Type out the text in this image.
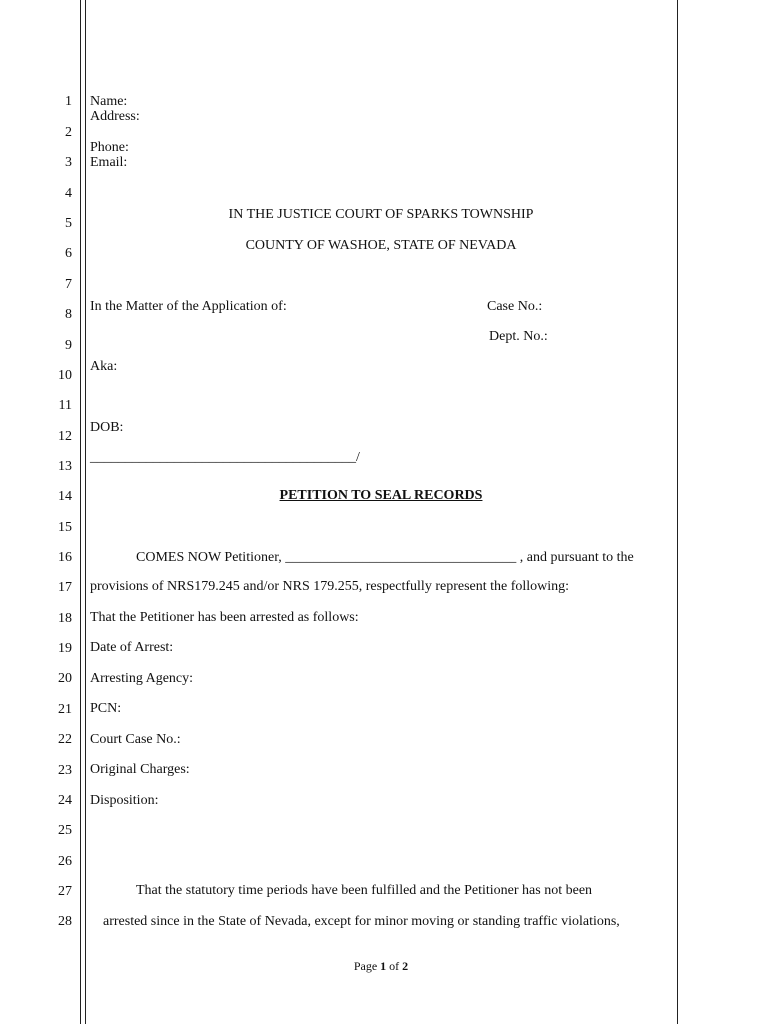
1
2
3
4
5
6
7
8
9
10
11
12
13
14
15
16
17
18
19
20
21
22
23
24
25
26
27
28
Name:
Address:
Phone:
Email:
IN THE JUSTICE COURT OF SPARKS TOWNSHIP
COUNTY OF WASHOE, STATE OF NEVADA
In the Matter of the Application of:	Case No.:
Dept. No.:
Aka:
DOB:
______________________________________/
PETITION TO SEAL RECORDS
COMES NOW Petitioner, _________________________________ , and pursuant to the
provisions of NRS179.245 and/or NRS 179.255, respectfully represent the following:
That the Petitioner has been arrested as follows:
Date of Arrest:
Arresting Agency:
PCN:
Court Case No.:
Original Charges:
Disposition:
That the statutory time periods have been fulfilled and the Petitioner has not been
arrested since in the State of Nevada, except for minor moving or standing traffic violations,
Page 1 of 2
